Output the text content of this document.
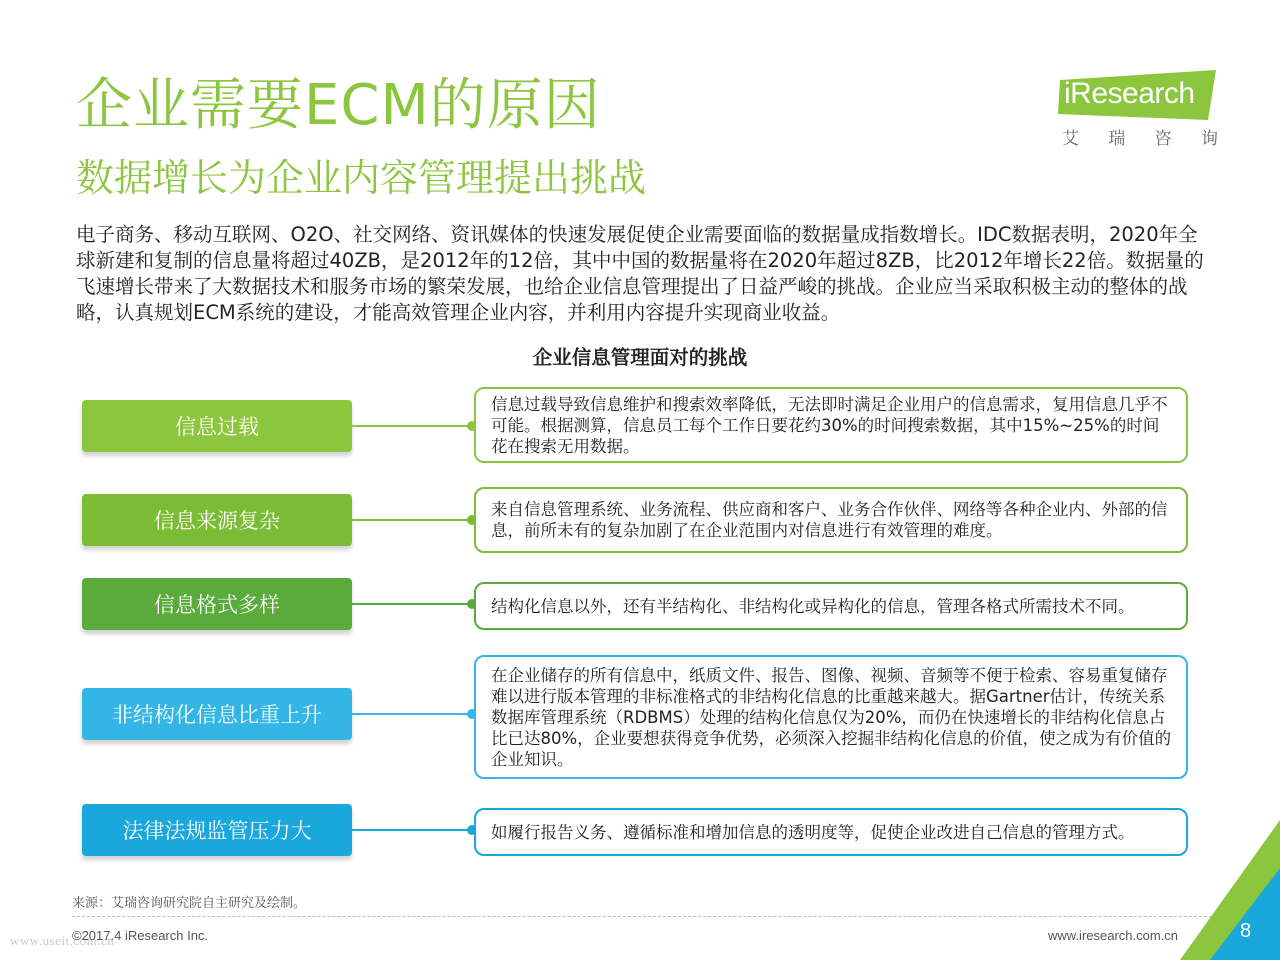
企业需要ECM的原因
数据增长为企业内容管理提出挑战
iResearch
艾 瑞 咨 询
电子商务、移动互联网、O2O、社交网络、资讯媒体的快速发展促使企业需要面临的数据量成指数增长。IDC数据表明，2020年全球新建和复制的信息量将超过40ZB，是2012年的12倍，其中中国的数据量将在2020年超过8ZB，比2012年增长22倍。数据量的飞速增长带来了大数据技术和服务市场的繁荣发展，也给企业信息管理提出了日益严峻的挑战。企业应当采取积极主动的整体的战略，认真规划ECM系统的建设，才能高效管理企业内容，并利用内容提升实现商业收益。
企业信息管理面对的挑战
信息过载
信息过载导致信息维护和搜索效率降低，无法即时满足企业用户的信息需求，复用信息几乎不可能。根据测算，信息员工每个工作日要花约30%的时间搜索数据，其中15%~25%的时间花在搜索无用数据。
信息来源复杂	来自信息管理系统、业务流程、供应商和客户、业务合作伙伴、网络等各种企业内、外部的信息，前所未有的复杂加剧了在企业范围内对信息进行有效管理的难度。
信息格式多样	结构化信息以外，还有半结构化、非结构化或异构化的信息，管理各格式所需技术不同。
非结构化信息比重上升
在企业储存的所有信息中，纸质文件、报告、图像、视频、音频等不便于检索、容易重复储存难以进行版本管理的非标准格式的非结构化信息的比重越来越大。据Gartner估计，传统关系数据库管理系统（RDBMS）处理的结构化信息仅为20%，而仍在快速增长的非结构化信息占比已达80%，企业要想获得竞争优势，必须深入挖掘非结构化信息的价值，使之成为有价值的企业知识。
法律法规监管压力大	如履行报告义务、遵循标准和增加信息的透明度等，促使企业改进自己信息的管理方式。
来源：艾瑞咨询研究院自主研究及绘制。
www.useit.com.cn
©2017.4 iResearch Inc.	www.iresearch.com.cn	8
